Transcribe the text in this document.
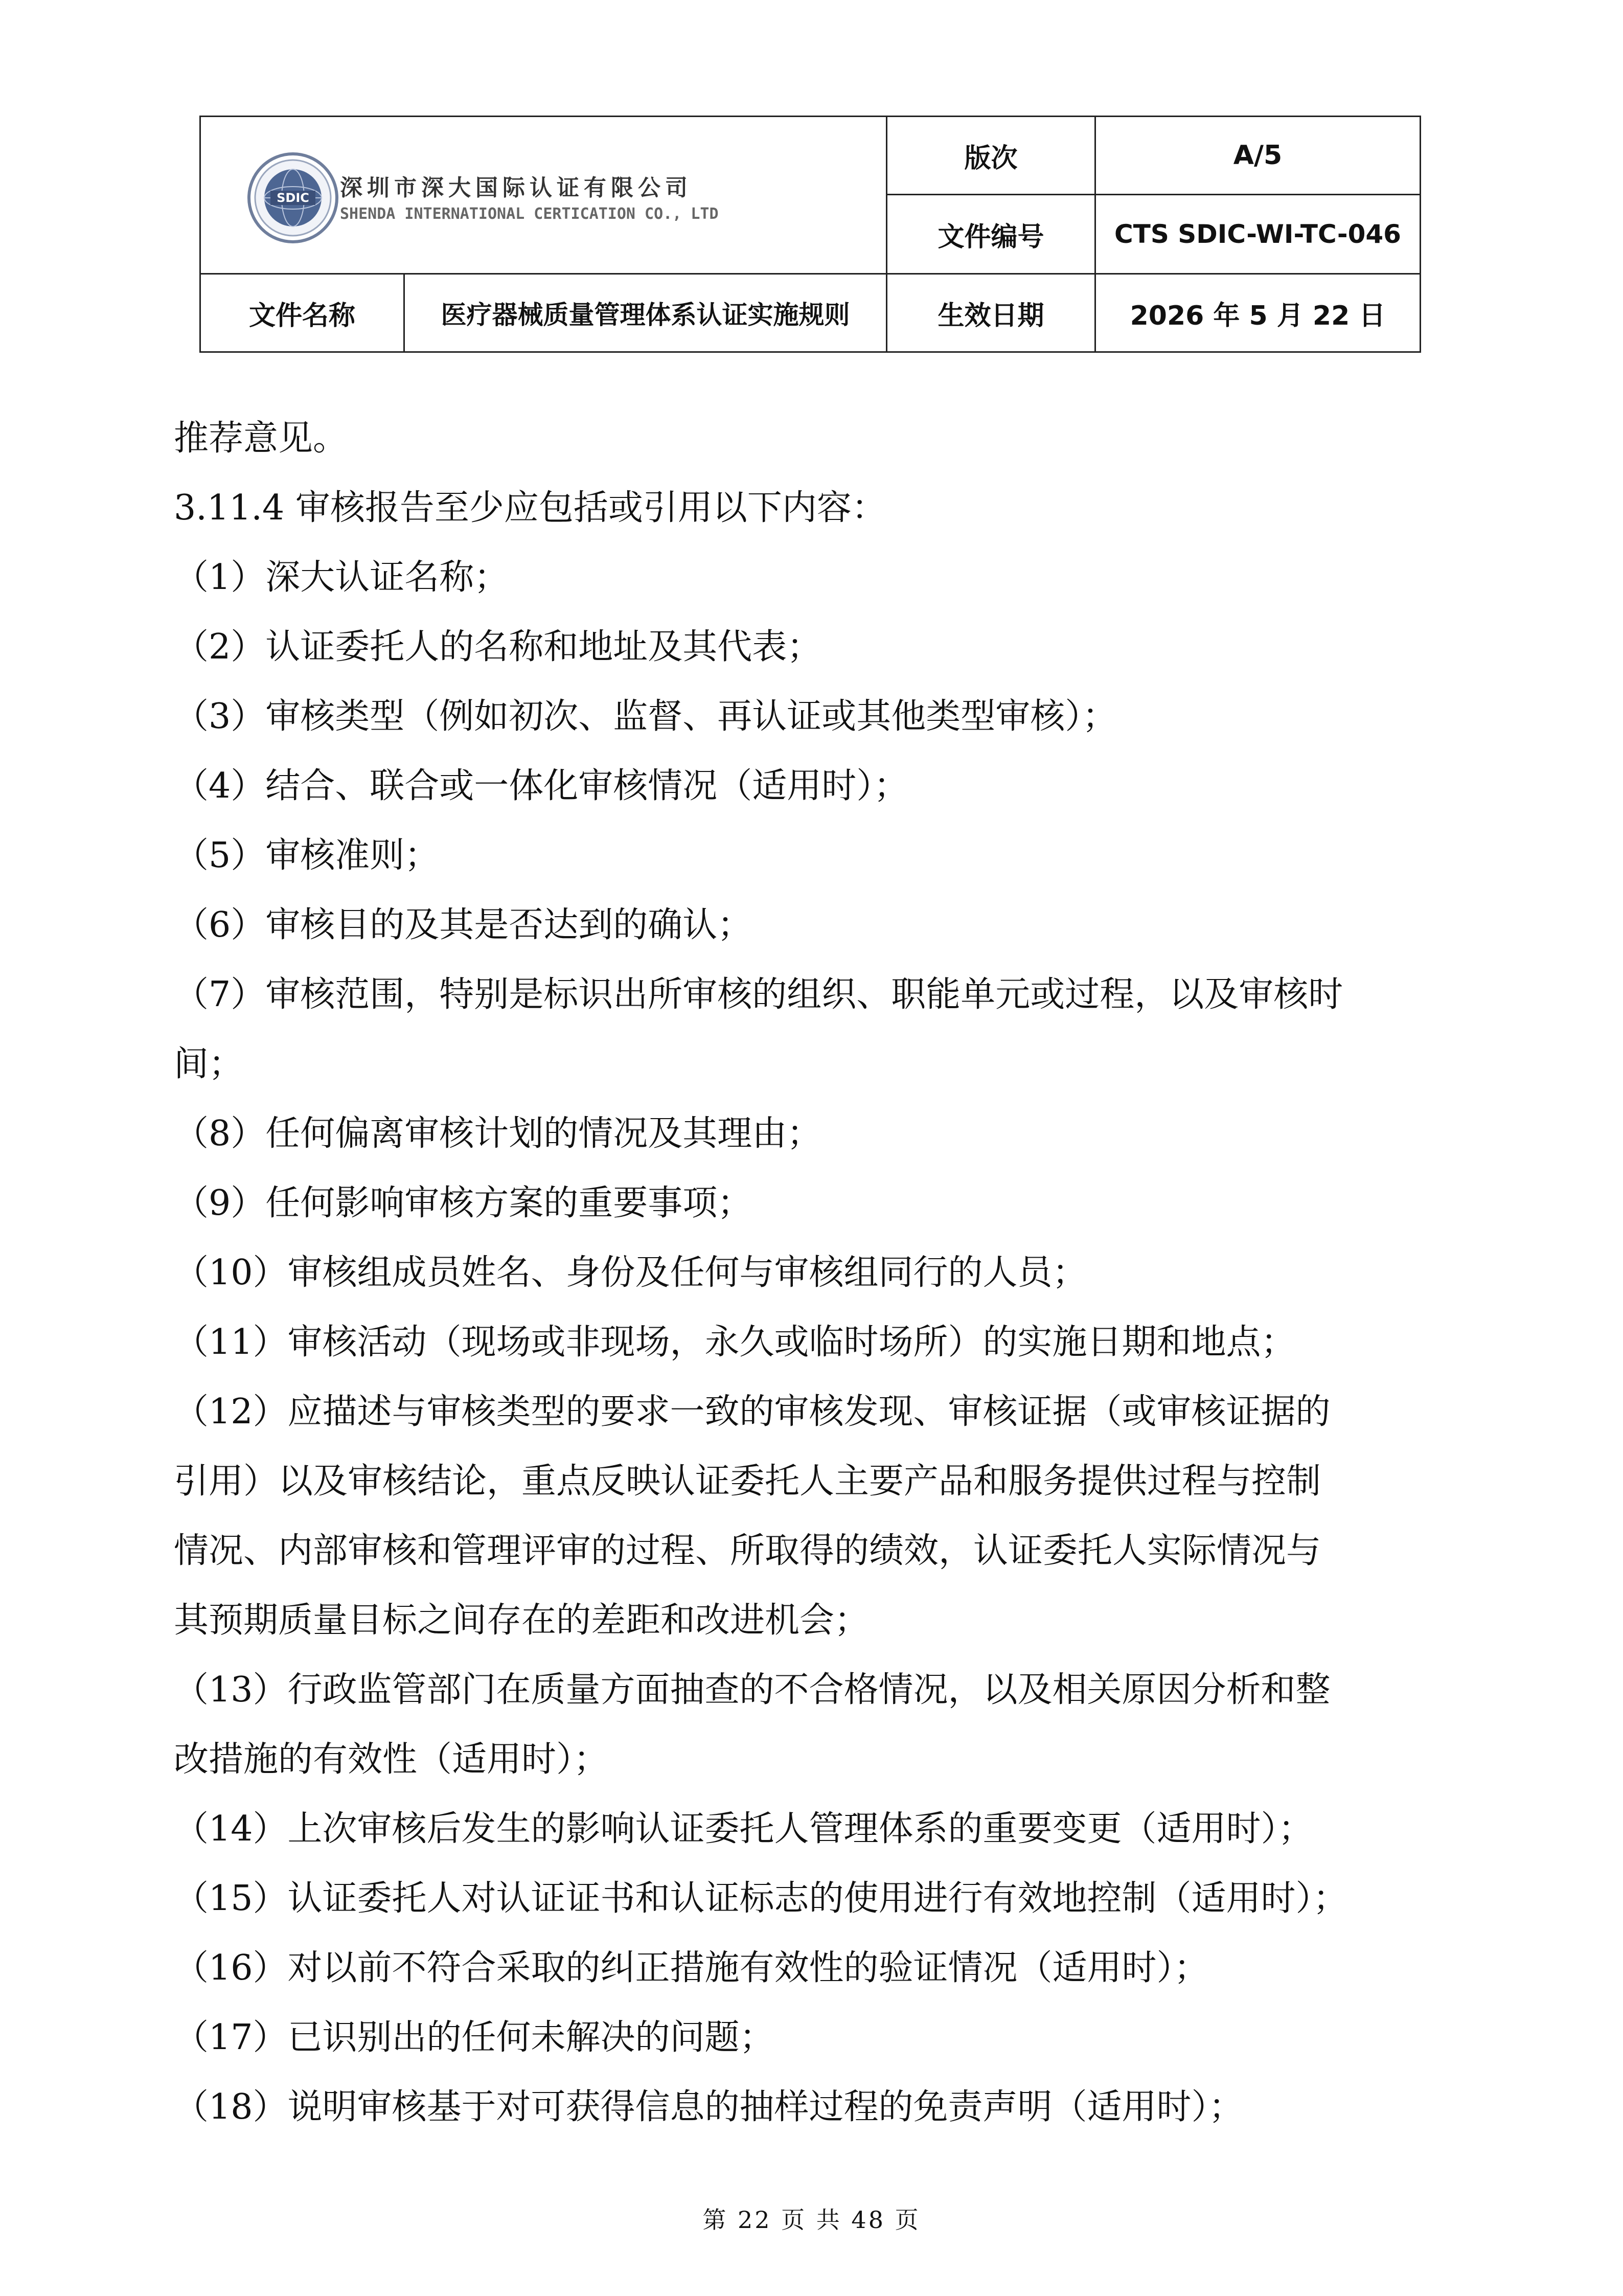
SDIC 深圳市深大国际认证有限公司
SHENDA INTERNATIONAL CERTICATION CO., LTD
版次	A/5
文件编号	CTS SDIC-WI-TC-046
文件名称	医疗器械质量管理体系认证实施规则	生效日期	2026 年 5 月 22 日

推荐意见。

3.11.4 审核报告至少应包括或引用以下内容：

（1）深大认证名称；

（2）认证委托人的名称和地址及其代表；

（3）审核类型（例如初次、监督、再认证或其他类型审核）；

（4）结合、联合或一体化审核情况（适用时）；

（5）审核准则；

（6）审核目的及其是否达到的确认；

（7）审核范围，特别是标识出所审核的组织、职能单元或过程，以及审核时

间；

（8）任何偏离审核计划的情况及其理由；

（9）任何影响审核方案的重要事项；

（10）审核组成员姓名、身份及任何与审核组同行的人员；

（11）审核活动（现场或非现场，永久或临时场所）的实施日期和地点；

（12）应描述与审核类型的要求一致的审核发现、审核证据（或审核证据的

引用）以及审核结论，重点反映认证委托人主要产品和服务提供过程与控制

情况、内部审核和管理评审的过程、所取得的绩效，认证委托人实际情况与

其预期质量目标之间存在的差距和改进机会；

（13）行政监管部门在质量方面抽查的不合格情况，以及相关原因分析和整

改措施的有效性（适用时）；

（14）上次审核后发生的影响认证委托人管理体系的重要变更（适用时）；

（15）认证委托人对认证证书和认证标志的使用进行有效地控制（适用时）；

（16）对以前不符合采取的纠正措施有效性的验证情况（适用时）；

（17）已识别出的任何未解决的问题；

（18）说明审核基于对可获得信息的抽样过程的免责声明（适用时）；

第 22 页 共 48 页
